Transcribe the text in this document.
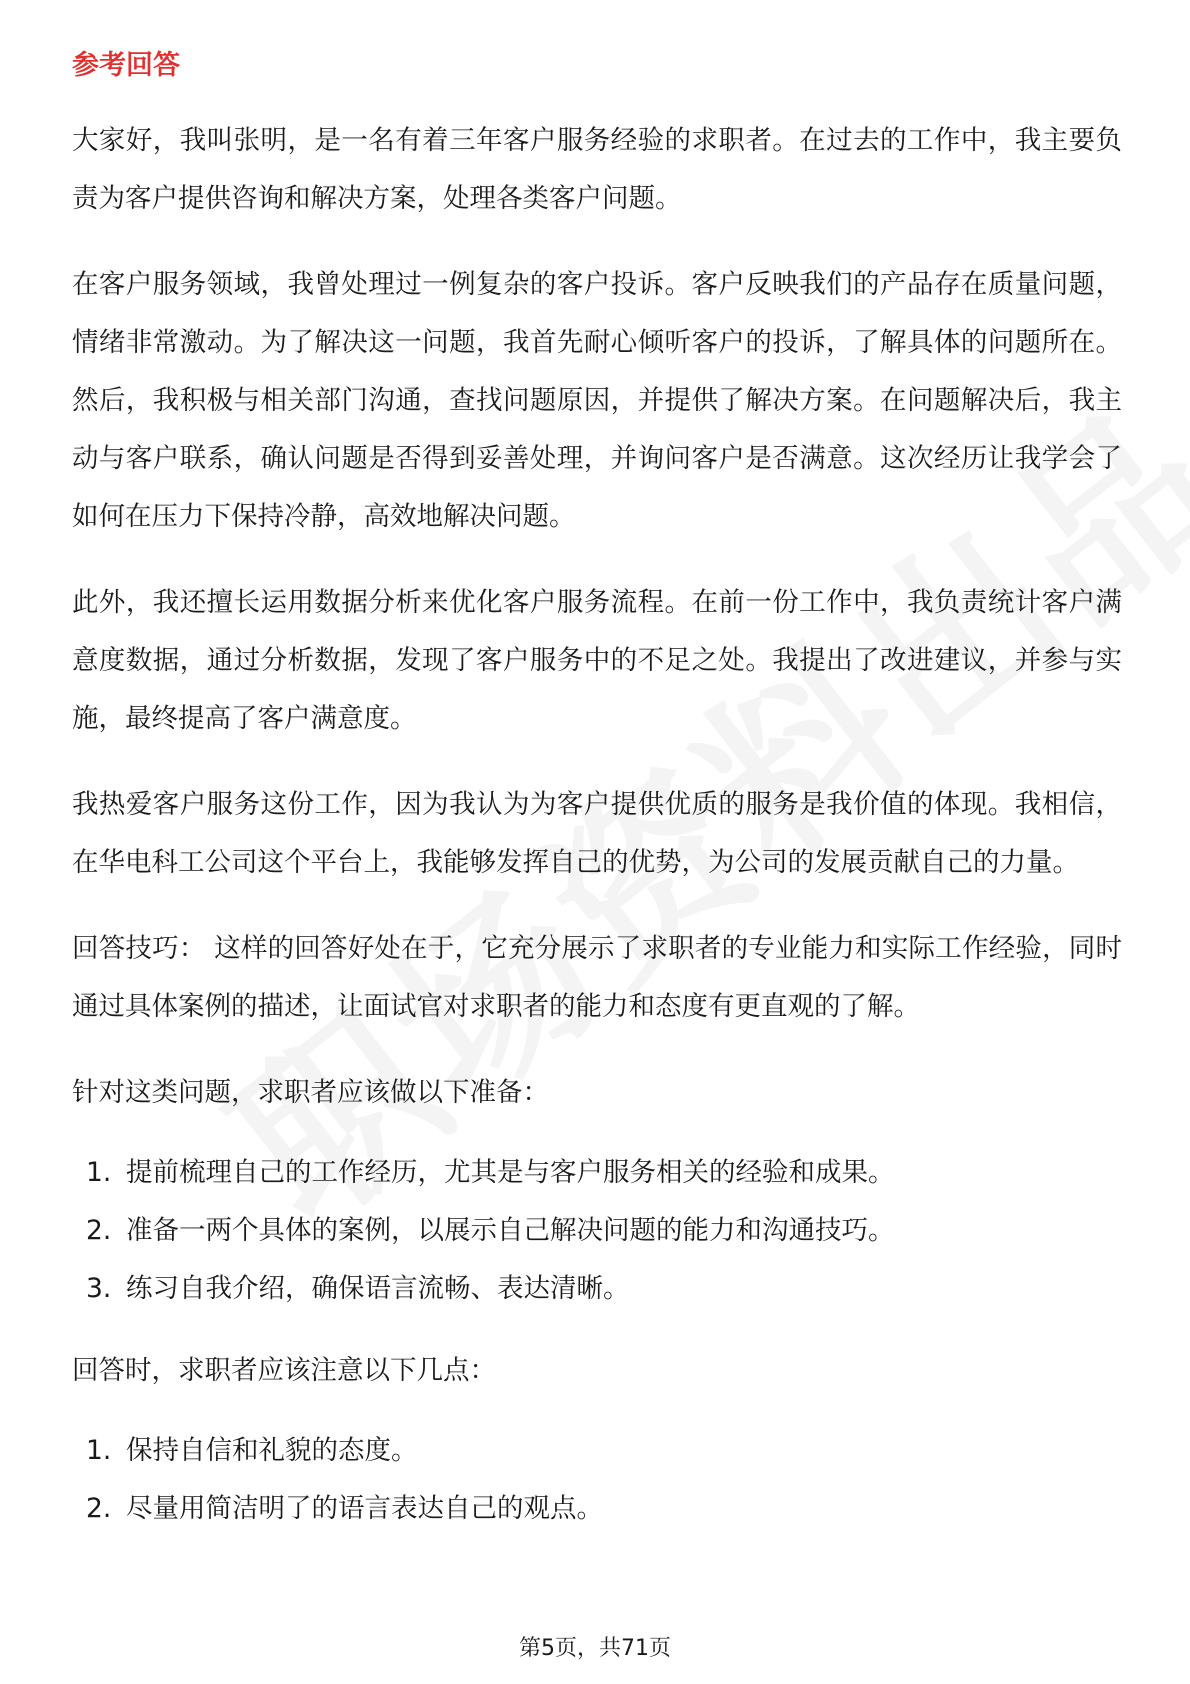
参考回答

大家好，我叫张明，是一名有着三年客户服务经验的求职者。在过去的工作中，我主要负责为客户提供咨询和解决方案，处理各类客户问题。

在客户服务领域，我曾处理过一例复杂的客户投诉。客户反映我们的产品存在质量问题，情绪非常激动。为了解决这一问题，我首先耐心倾听客户的投诉，了解具体的问题所在。然后，我积极与相关部门沟通，查找问题原因，并提供了解决方案。在问题解决后，我主动与客户联系，确认问题是否得到妥善处理，并询问客户是否满意。这次经历让我学会了如何在压力下保持冷静，高效地解决问题。

此外，我还擅长运用数据分析来优化客户服务流程。在前一份工作中，我负责统计客户满意度数据，通过分析数据，发现了客户服务中的不足之处。我提出了改进建议，并参与实施，最终提高了客户满意度。

我热爱客户服务这份工作，因为我认为为客户提供优质的服务是我价值的体现。我相信，在华电科工公司这个平台上，我能够发挥自己的优势，为公司的发展贡献自己的力量。

回答技巧： 这样的回答好处在于，它充分展示了求职者的专业能力和实际工作经验，同时通过具体案例的描述，让面试官对求职者的能力和态度有更直观的了解。

针对这类问题，求职者应该做以下准备：

1. 提前梳理自己的工作经历，尤其是与客户服务相关的经验和成果。
2. 准备一两个具体的案例，以展示自己解决问题的能力和沟通技巧。
3. 练习自我介绍，确保语言流畅、表达清晰。

回答时，求职者应该注意以下几点：

1. 保持自信和礼貌的态度。
2. 尽量用简洁明了的语言表达自己的观点。
第5页，共71页
